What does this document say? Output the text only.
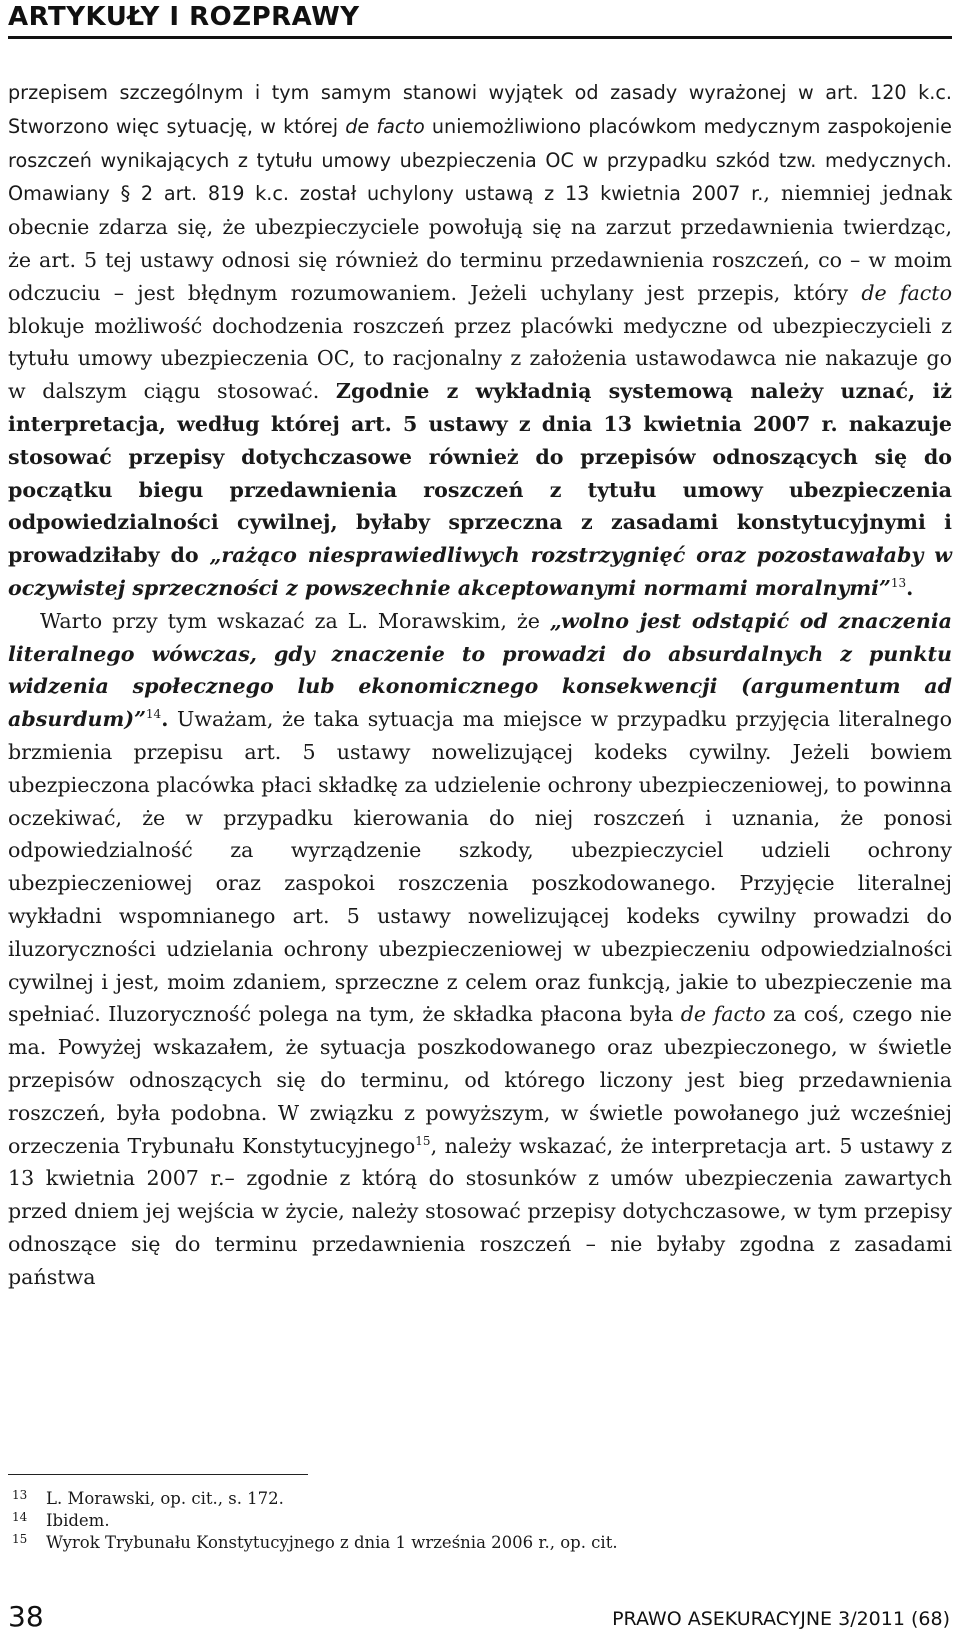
ARTYKUŁY I ROZPRAWY

przepisem szczególnym i tym samym stanowi wyjątek od zasady wyrażonej w art. 120 k.c. Stworzono więc sytuację, w której de facto uniemożliwiono placówkom medycznym zaspokojenie roszczeń wynikających z tytułu umowy ubezpieczenia OC w przypadku szkód tzw. medycznych. Omawiany § 2 art. 819 k.c. został uchylony ustawą z 13 kwietnia 2007 r., niemniej jednak obecnie zdarza się, że ubezpieczyciele powołują się na zarzut przedawnienia twierdząc, że art. 5 tej ustawy odnosi się również do terminu przedawnienia roszczeń, co – w moim odczuciu – jest błędnym rozumowaniem. Jeżeli uchylany jest przepis, który de facto blokuje możliwość dochodzenia roszczeń przez placówki medyczne od ubezpieczycieli z tytułu umowy ubezpieczenia OC, to racjonalny z założenia ustawodawca nie nakazuje go w dalszym ciągu stosować. Zgodnie z wykładnią systemową należy uznać, iż interpretacja, według której art. 5 ustawy z dnia 13 kwietnia 2007 r. nakazuje stosować przepisy dotychczasowe również do przepisów odnoszących się do początku biegu przedawnienia roszczeń z tytułu umowy ubezpieczenia odpowiedzialności cywilnej, byłaby sprzeczna z zasadami konstytucyjnymi i prowadziłaby do „rażąco niesprawiedliwych rozstrzygnięć oraz pozostawałaby w oczywistej sprzeczności z powszechnie akceptowanymi normami moralnymi”$^{13}$.

Warto przy tym wskazać za L. Morawskim, że „wolno jest odstąpić od znaczenia literalnego wówczas, gdy znaczenie to prowadzi do absurdalnych z punktu widzenia społecznego lub ekonomicznego konsekwencji (argumentum ad absurdum)”$^{14}$. Uważam, że taka sytuacja ma miejsce w przypadku przyjęcia literalnego brzmienia przepisu art. 5 ustawy nowelizującej kodeks cywilny. Jeżeli bowiem ubezpieczona placówka płaci składkę za udzielenie ochrony ubezpieczeniowej, to powinna oczekiwać, że w przypadku kierowania do niej roszczeń i uznania, że ponosi odpowiedzialność za wyrządzenie szkody, ubezpieczyciel udzieli ochrony ubezpieczeniowej oraz zaspokoi roszczenia poszkodowanego. Przyjęcie literalnej wykładni wspomnianego art. 5 ustawy nowelizującej kodeks cywilny prowadzi do iluzoryczności udzielania ochrony ubezpieczeniowej w ubezpieczeniu odpowiedzialności cywilnej i jest, moim zdaniem, sprzeczne z celem oraz funkcją, jakie to ubezpieczenie ma spełniać. Iluzoryczność polega na tym, że składka płacona była de facto za coś, czego nie ma. Powyżej wskazałem, że sytuacja poszkodowanego oraz ubezpieczonego, w świetle przepisów odnoszących się do terminu, od którego liczony jest bieg przedawnienia roszczeń, była podobna. W związku z powyższym, w świetle powołanego już wcześniej orzeczenia Trybunału Konstytucyjnego$^{15}$, należy wskazać, że interpretacja art. 5 ustawy z 13 kwietnia 2007 r.– zgodnie z którą do stosunków z umów ubezpieczenia zawartych przed dniem jej wejścia w życie, należy stosować przepisy dotychczasowe, w tym przepisy odnoszące się do terminu przedawnienia roszczeń – nie byłaby zgodna z zasadami państwa

13 L. Morawski, op. cit., s. 172.
14 Ibidem.
15 Wyrok Trybunału Konstytucyjnego z dnia 1 września 2006 r., op. cit.
38	PRAWO ASEKURACYJNE 3/2011 (68)
